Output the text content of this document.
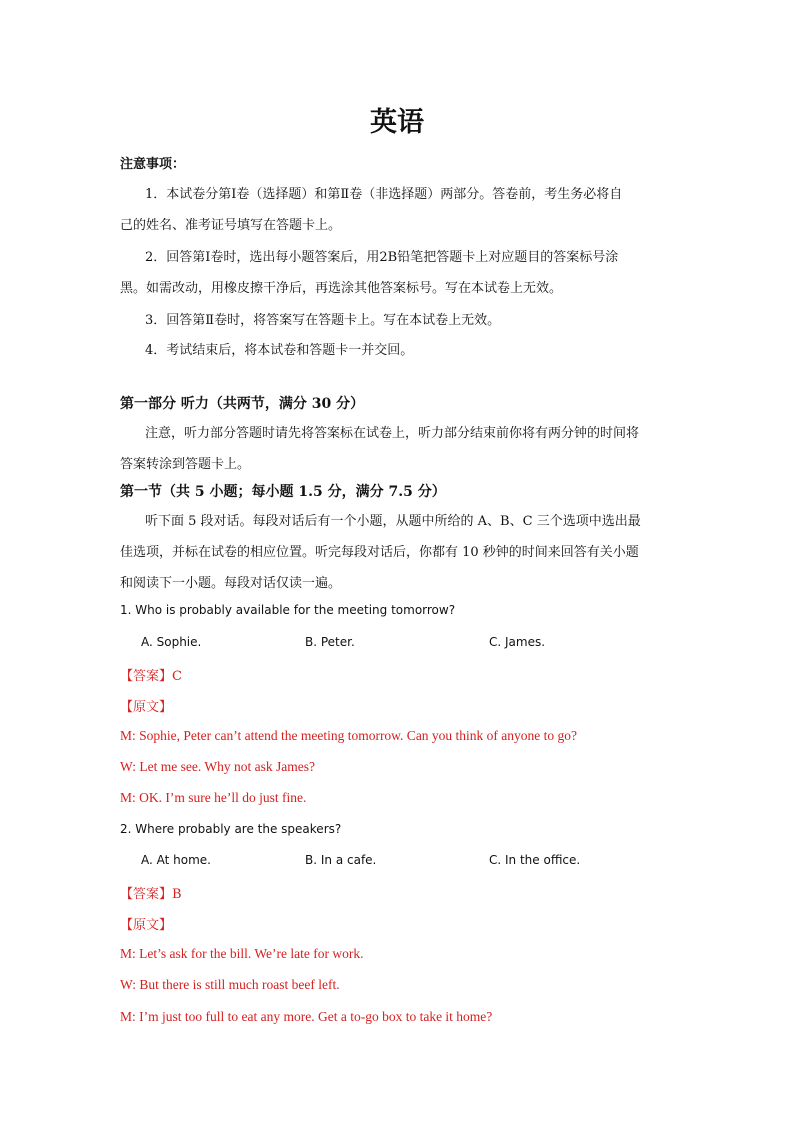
英语
注意事项：
1．本试卷分第Ⅰ卷（选择题）和第Ⅱ卷（非选择题）两部分。答卷前，考生务必将自
己的姓名、准考证号填写在答题卡上。
2．回答第Ⅰ卷时，选出每小题答案后，用2B铅笔把答题卡上对应题目的答案标号涂
黑。如需改动，用橡皮擦干净后，再选涂其他答案标号。写在本试卷上无效。
3．回答第Ⅱ卷时，将答案写在答题卡上。写在本试卷上无效。
4．考试结束后，将本试卷和答题卡一并交回。
第一部分 听力（共两节，满分 30 分）
注意，听力部分答题时请先将答案标在试卷上，听力部分结束前你将有两分钟的时间将
答案转涂到答题卡上。
第一节（共 5 小题；每小题 1.5 分，满分 7.5 分）
听下面 5 段对话。每段对话后有一个小题，从题中所给的 A、B、C 三个选项中选出最
佳选项，并标在试卷的相应位置。听完每段对话后，你都有 10 秒钟的时间来回答有关小题
和阅读下一小题。每段对话仅读一遍。
1. Who is probably available for the meeting tomorrow?
A. Sophie.	B. Peter.	C. James.
【答案】C
【原文】
M: Sophie, Peter can’t attend the meeting tomorrow. Can you think of anyone to go?
W: Let me see. Why not ask James?
M: OK. I’m sure he’ll do just fine.
2. Where probably are the speakers?
A. At home.	B. In a cafe.	C. In the office.
【答案】B
【原文】
M: Let’s ask for the bill. We’re late for work.
W: But there is still much roast beef left.
M: I’m just too full to eat any more. Get a to-go box to take it home?
